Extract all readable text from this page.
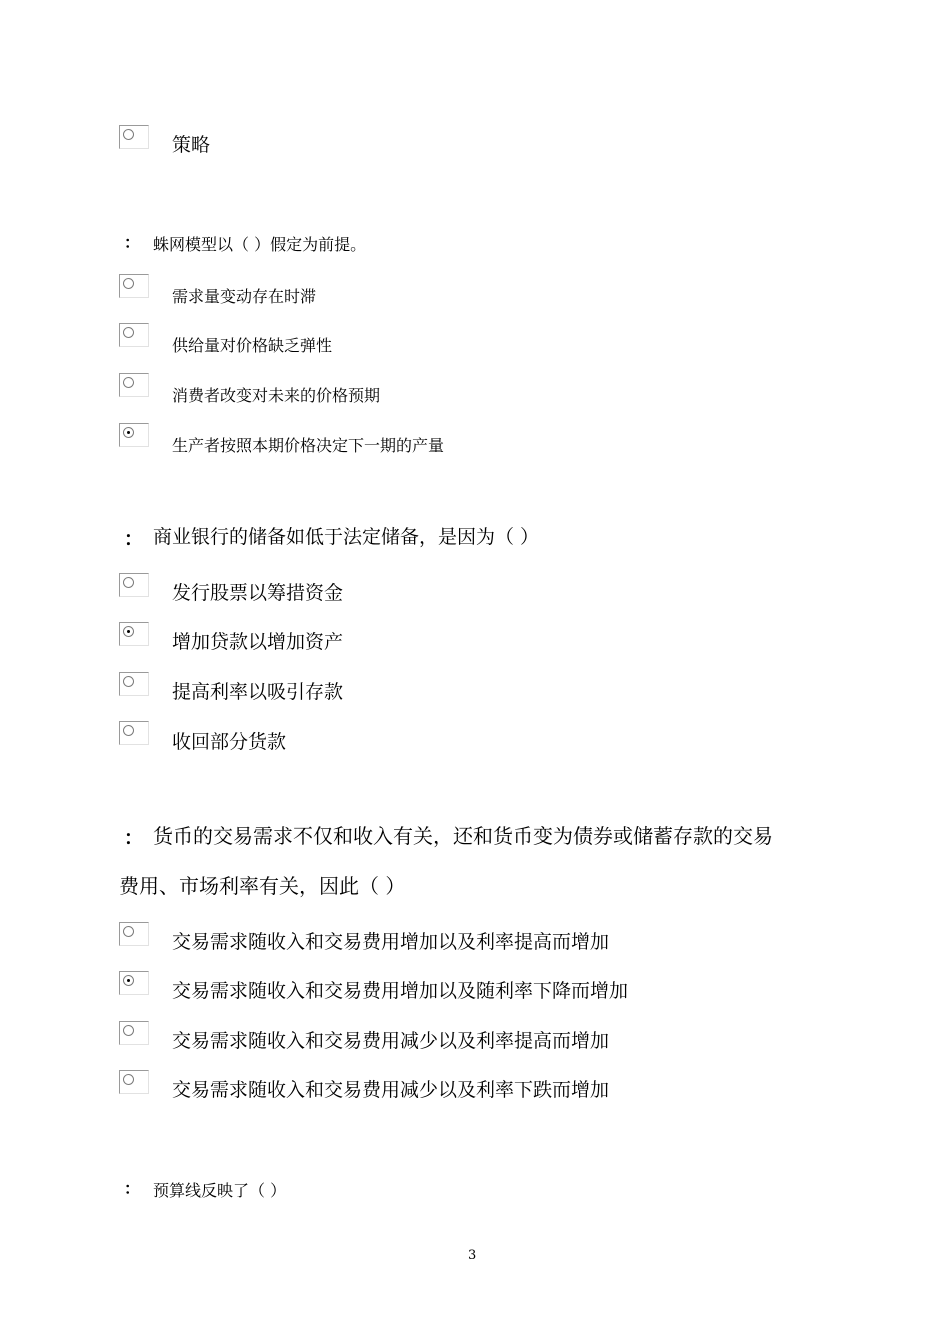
策略
： 蛛网模型以（ ）假定为前提。
需求量变动存在时滞
供给量对价格缺乏弹性
消费者改变对未来的价格预期
生产者按照本期价格决定下一期的产量
： 商业银行的储备如低于法定储备，是因为（ ）
发行股票以筹措资金
增加贷款以增加资产
提高利率以吸引存款
收回部分货款
： 货币的交易需求不仅和收入有关，还和货币变为债券或储蓄存款的交易
费用、市场利率有关，因此（ ）
交易需求随收入和交易费用增加以及利率提高而增加
交易需求随收入和交易费用增加以及随利率下降而增加
交易需求随收入和交易费用减少以及利率提高而增加
交易需求随收入和交易费用减少以及利率下跌而增加
： 预算线反映了（ ）
3
